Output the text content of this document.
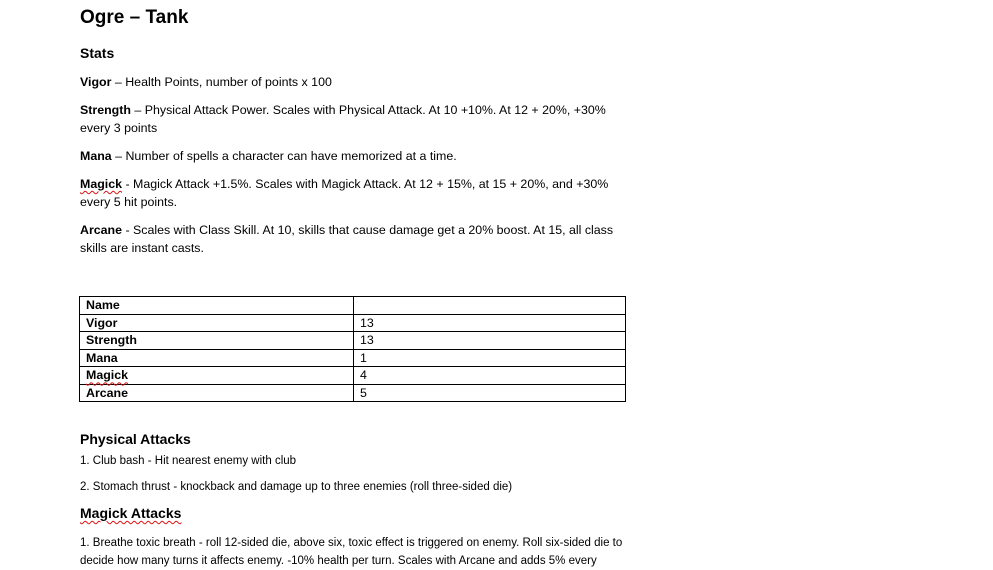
Ogre – Tank
Stats
Vigor – Health Points, number of points x 100
Strength – Physical Attack Power. Scales with Physical Attack. At 10 +10%. At 12 + 20%, +30% every 3 points
Mana – Number of spells a character can have memorized at a time.
Magick - Magick Attack +1.5%. Scales with Magick Attack. At 12 + 15%, at 15 + 20%, and +30% every 5 hit points.
Arcane - Scales with Class Skill. At 10, skills that cause damage get a 20% boost. At 15, all class skills are instant casts.
Name	
Vigor	13
Strength	13
Mana	1
Magick	4
Arcane	5
Physical Attacks
1. Club bash - Hit nearest enemy with club
2. Stomach thrust - knockback and damage up to three enemies (roll three-sided die)
Magick Attacks
1. Breathe toxic breath - roll 12-sided die, above six, toxic effect is triggered on enemy. Roll six-sided die to decide how many turns it affects enemy. -10% health per turn. Scales with Arcane and adds 5% every
